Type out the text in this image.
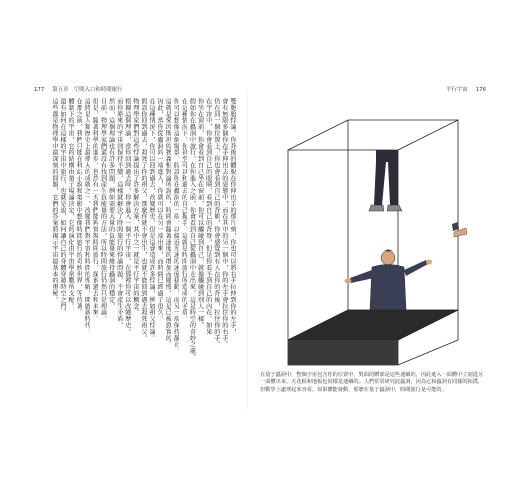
177 第五章　空間入口和時間旅行	平行宇宙 176
雙胞胎悖論。你背後的體脫在你伸出手的那片刻，你也可以將右手拉伸到你的左手，
會有無限多個你在手伸出去的姿態中，而在其中的另一個中，你的左手會拉住你的右手。
仍在同一個位置上，你也會看到自己的背影，你會感覺到有人在你的背後，拉住你的手。
在宇宙中，你會看到自己的眼睛，看到自己的背脊，但是你看不到自己的內在。如果
你坐在窗前，你會看到自己坐在窗前，你可以觸碰到自己，就像觸碰到別人一樣。
假如你在蟲洞中旅行，在你進入之前，你會看到自己從蟲洞中走出來，這是時空的奇妙之處。
在這種情況下，你甚至可以和過去的自己握手，這就是時間旅行所造成的矛盾。
你可以想像這個場景。假設你在蟲洞的一端，以接近光速的速度移動，而另一端保持靜止。
這就是愛因斯坦的狹義相對論所說的，時間會隨著速度的增加而變慢，這是已被證實的。
因此，當你從蟲洞的一端進入，你就可以在另一端出來，而時間已經過了很久。
在這種情況下，你可以回到過去，改變歷史。但是這會造成許多悖論，例如祖父悖論。
假設你回到過去，殺死了你的祖父，那麼你就不會出生，也就不能回到過去殺死祖父。
物理學家們對這些悖論提出了許多解決方案，其中之一就是平行宇宙的概念。
根據這個理論，當你回到過去時，你會進入一個平行宇宙，在那裡你可以改變歷史。
而你原來的宇宙則保持不變，這樣就解決了時間旅行的悖論問題，不會產生矛盾。
然而，這個理論也有許多問題，例如需要大量的負能量來維持蟲洞的穩定。
目前，物理學家們還沒有找到產生負能量的方法，所以時間旅行仍然只是理論。
但是，隨著科學的進步，也許有一天我們能夠實現時間旅行，探索過去和未來。
這將是人類歷史上最偉大的成就之一，改變我們對宇宙和時間的理解，開啟新時代。
在那之前，我們只能在科幻小說和電影中想像時間旅行的奇妙世界，等待著。
體制下的宇宙，它的結構由量子場論決定，它的演化由宇宙學常數所支配。
還有如何在這樣的宇宙中旅行，也就是說，如何讓自己的身體穿越時空之門。
這些都是物理學中最深刻的問題，它們的答案將揭示宇宙最基本的奧秘。
在量子蟲洞中，整個宇宙包含你的位置中。對面的體部是這些連續的，因此進入一面體中立刻從另一面體出來。天花板和地板也同樣是連續的。人們常常研究此蟲洞，因為它和蟲洞有同樣的拓撲，但數學上處理起來容易。如果體能發動，那麼在量子蟲洞中，時間旅行是可能的。
